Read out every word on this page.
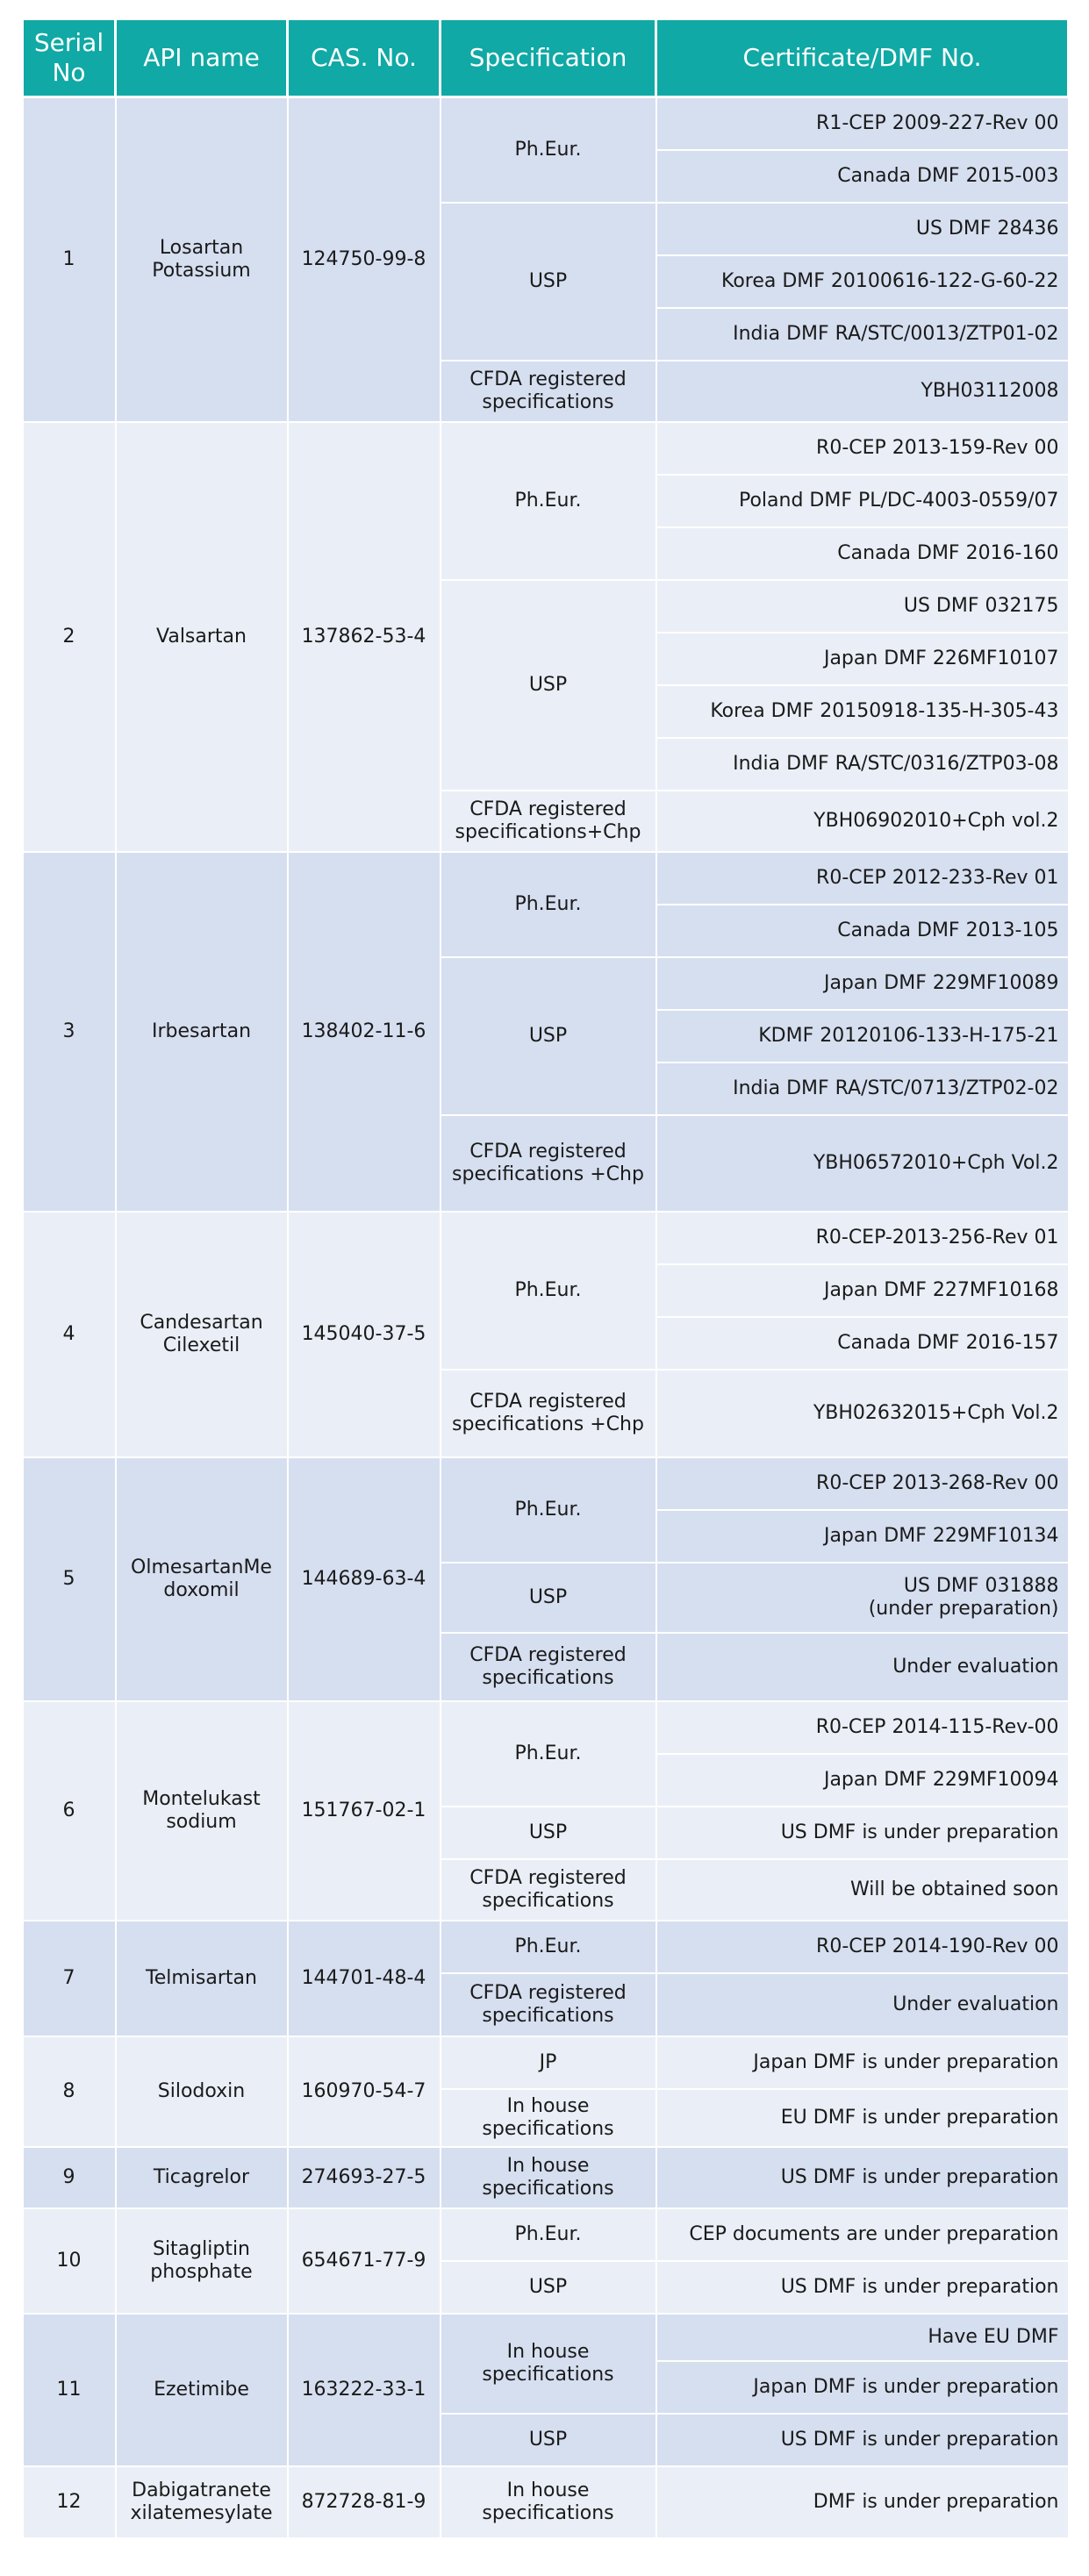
Serial
No	API name	CAS. No.	Specification	Certificate/DMF No.
1	Losartan Potassium	124750-99-8	Ph.Eur.	R1-CEP 2009-227-Rev 00
				Canada DMF 2015-003
			USP	US DMF 28436
				Korea DMF 20100616-122-G-60-22
				India DMF RA/STC/0013/ZTP01-02
			CFDA registered specifications	YBH03112008
2	Valsartan	137862-53-4	Ph.Eur.	R0-CEP 2013-159-Rev 00
				Poland DMF PL/DC-4003-0559/07
				Canada DMF 2016-160
			USP	US DMF 032175
				Japan DMF 226MF10107
				Korea DMF 20150918-135-H-305-43
				India DMF RA/STC/0316/ZTP03-08
			CFDA registered specifications+Chp	YBH06902010+Cph vol.2
3	Irbesartan	138402-11-6	Ph.Eur.	R0-CEP 2012-233-Rev 01
				Canada DMF 2013-105
			USP	Japan DMF 229MF10089
				KDMF 20120106-133-H-175-21
				India DMF RA/STC/0713/ZTP02-02
			CFDA registered specifications +Chp	YBH06572010+Cph Vol.2
4	Candesartan Cilexetil	145040-37-5	Ph.Eur.	R0-CEP-2013-256-Rev 01
				Japan DMF 227MF10168
				Canada DMF 2016-157
			CFDA registered specifications +Chp	YBH02632015+Cph Vol.2
5	OlmesartanMe doxomil	144689-63-4	Ph.Eur.	R0-CEP 2013-268-Rev 00
				Japan DMF 229MF10134
			USP	US DMF 031888
(under preparation)
			CFDA registered specifications	Under evaluation
6	Montelukast sodium	151767-02-1	Ph.Eur.	R0-CEP 2014-115-Rev-00
				Japan DMF 229MF10094
			USP	US DMF is under preparation
			CFDA registered specifications	Will be obtained soon
7	Telmisartan	144701-48-4	Ph.Eur.	R0-CEP 2014-190-Rev 00
			CFDA registered specifications	Under evaluation
8	Silodoxin	160970-54-7	JP	Japan DMF is under preparation
			In house specifications	EU DMF is under preparation
9	Ticagrelor	274693-27-5	In house specifications	US DMF is under preparation
10	Sitagliptin phosphate	654671-77-9	Ph.Eur.	CEP documents are under preparation
			USP	US DMF is under preparation
11	Ezetimibe	163222-33-1	In house specifications	Have EU DMF
				Japan DMF is under preparation
			USP	US DMF is under preparation
12	Dabigatranete xilatemesylate	872728-81-9	In house specifications	DMF is under preparation
